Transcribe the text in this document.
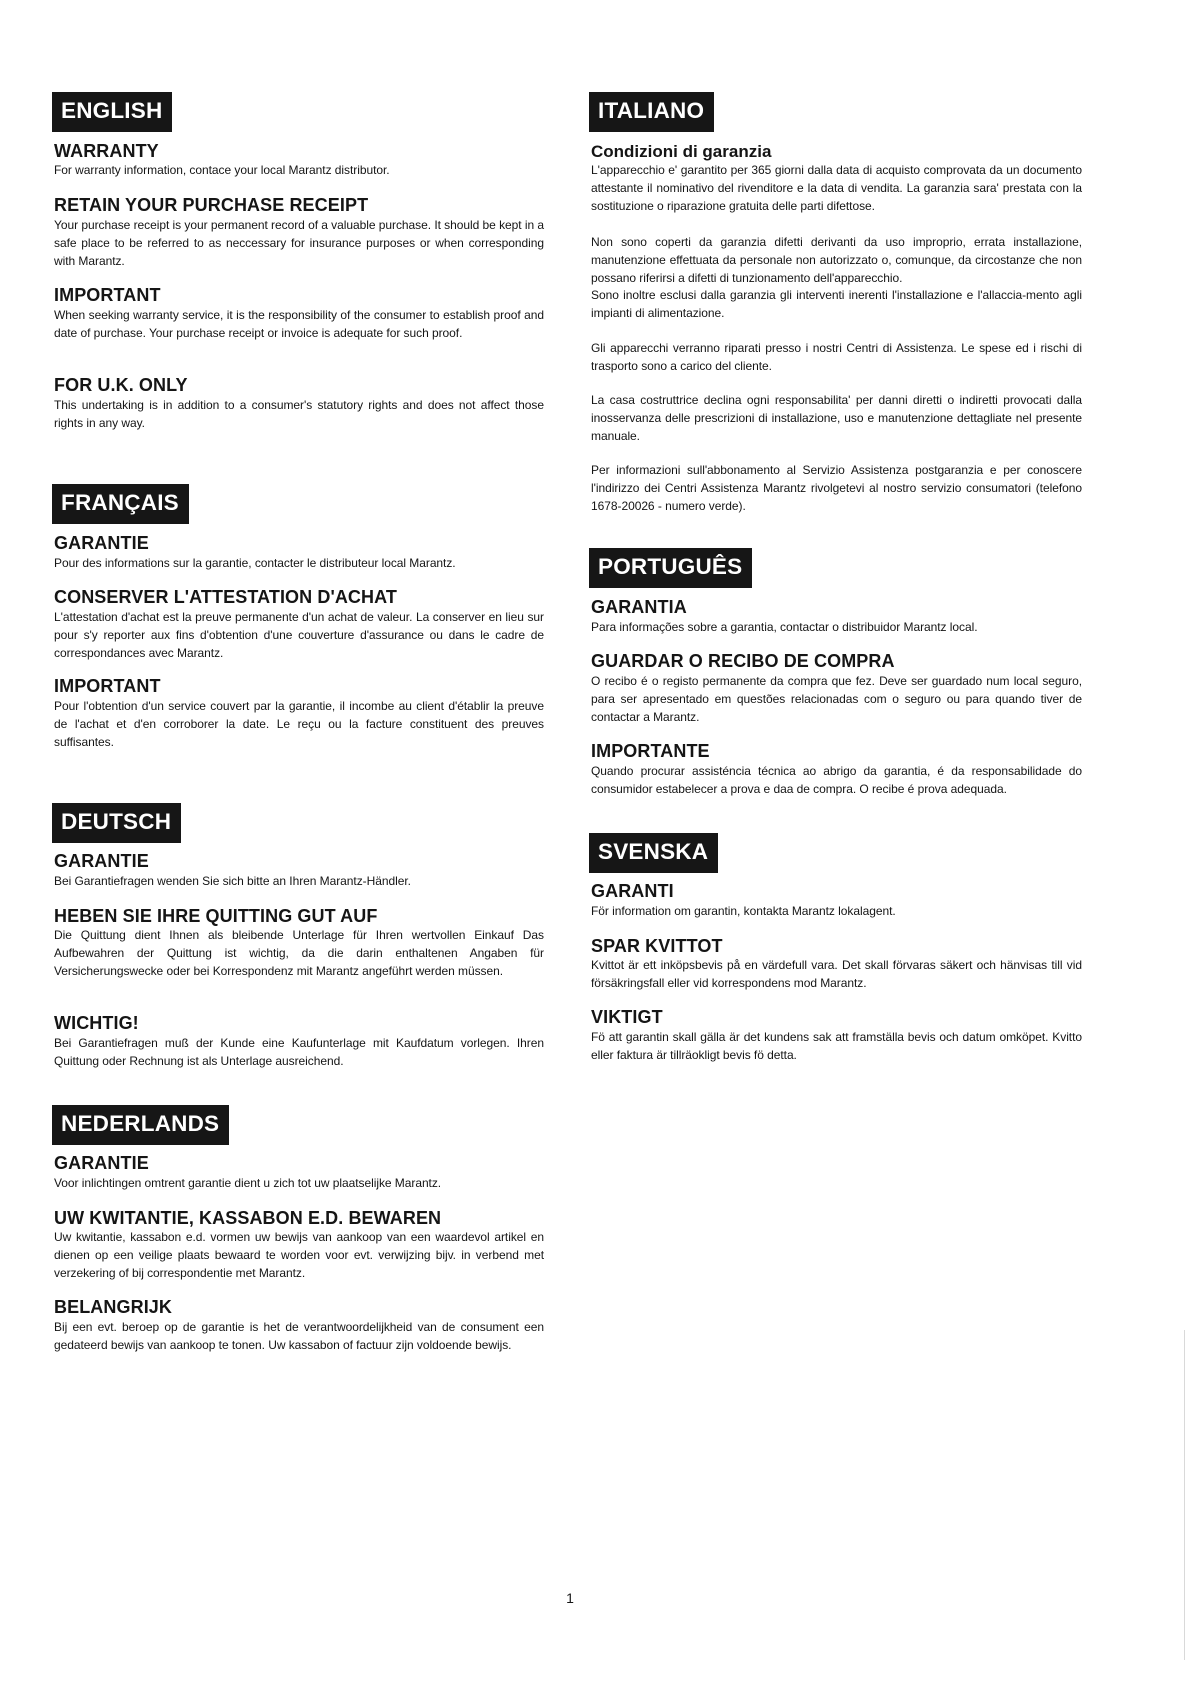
ENGLISH
WARRANTY

For warranty information, contace your local Marantz distributor.

RETAIN YOUR PURCHASE RECEIPT

Your purchase receipt is your permanent record of a valuable purchase. It should be kept in a safe place to be referred to as neccessary for insurance purposes or when corresponding with Marantz.

IMPORTANT

When seeking warranty service, it is the responsibility of the consumer to establish proof and date of purchase. Your purchase receipt or invoice is adequate for such proof.

FOR U.K. ONLY

This undertaking is in addition to a consumer's statutory rights and does not affect those rights in any way.

FRANÇAIS
GARANTIE

Pour des informations sur la garantie, contacter le distributeur local Marantz.

CONSERVER L'ATTESTATION D'ACHAT

L'attestation d'achat est la preuve permanente d'un achat de valeur. La conserver en lieu sur pour s'y reporter aux fins d'obtention d'une couverture d'assurance ou dans le cadre de correspondances avec Marantz.

IMPORTANT

Pour l'obtention d'un service couvert par la garantie, il incombe au client d'établir la preuve de l'achat et d'en corroborer la date. Le reçu ou la facture constituent des preuves suffisantes.

DEUTSCH
GARANTIE

Bei Garantiefragen wenden Sie sich bitte an Ihren Marantz-Händler.

HEBEN SIE IHRE QUITTING GUT AUF

Die Quittung dient Ihnen als bleibende Unterlage für Ihren wertvollen Einkauf Das Aufbewahren der Quittung ist wichtig, da die darin enthaltenen Angaben für Versicherungswecke oder bei Korrespondenz mit Marantz angeführt werden müssen.

WICHTIG!

Bei Garantiefragen muß der Kunde eine Kaufunterlage mit Kaufdatum vorlegen. Ihren Quittung oder Rechnung ist als Unterlage ausreichend.

NEDERLANDS
GARANTIE

Voor inlichtingen omtrent garantie dient u zich tot uw plaatselijke Marantz.

UW KWITANTIE, KASSABON E.D. BEWAREN

Uw kwitantie, kassabon e.d. vormen uw bewijs van aankoop van een waardevol artikel en dienen op een veilige plaats bewaard te worden voor evt. verwijzing bijv. in verbend met verzekering of bij correspondentie met Marantz.

BELANGRIJK

Bij een evt. beroep op de garantie is het de verantwoordelijkheid van de consument een gedateerd bewijs van aankoop te tonen. Uw kassabon of factuur zijn voldoende bewijs.

ITALIANO
Condizioni di garanzia

L'apparecchio e' garantito per 365 giorni dalla data di acquisto comprovata da un documento attestante il nominativo del rivenditore e la data di vendita. La garanzia sara' prestata con la sostituzione o riparazione gratuita delle parti difettose.

Non sono coperti da garanzia difetti derivanti da uso improprio, errata installazione, manutenzione effettuata da personale non autorizzato o, comunque, da circostanze che non possano riferirsi a difetti di tunzionamento dell'apparecchio.

Sono inoltre esclusi dalla garanzia gli interventi inerenti l'installazione e l'allaccia-mento agli impianti di alimentazione.

Gli apparecchi verranno riparati presso i nostri Centri di Assistenza. Le spese ed i rischi di trasporto sono a carico del cliente.

La casa costruttrice declina ogni responsabilita' per danni diretti o indiretti provocati dalla inosservanza delle prescrizioni di installazione, uso e manutenzione dettagliate nel presente manuale.

Per informazioni sull'abbonamento al Servizio Assistenza postgaranzia e per conoscere l'indirizzo dei Centri Assistenza Marantz rivolgetevi al nostro servizio consumatori (telefono 1678-20026 - numero verde).

PORTUGUÊS
GARANTIA

Para informações sobre a garantia, contactar o distribuidor Marantz local.

GUARDAR O RECIBO DE COMPRA

O recibo é o registo permanente da compra que fez. Deve ser guardado num local seguro, para ser apresentado em questões relacionadas com o seguro ou para quando tiver de contactar a Marantz.

IMPORTANTE

Quando procurar assisténcia técnica ao abrigo da garantia, é da responsabilidade do consumidor estabelecer a prova e daa de compra. O recibe é prova adequada.

SVENSKA
GARANTI

För information om garantin, kontakta Marantz lokalagent.

SPAR KVITTOT

Kvittot är ett inköpsbevis på en värdefull vara. Det skall förvaras säkert och hänvisas till vid försäkringsfall eller vid korrespondens mod Marantz.

VIKTIGT

Fö att garantin skall gälla är det kundens sak att framställa bevis och datum omköpet. Kvitto eller faktura är tillräokligt bevis fö detta.

1
